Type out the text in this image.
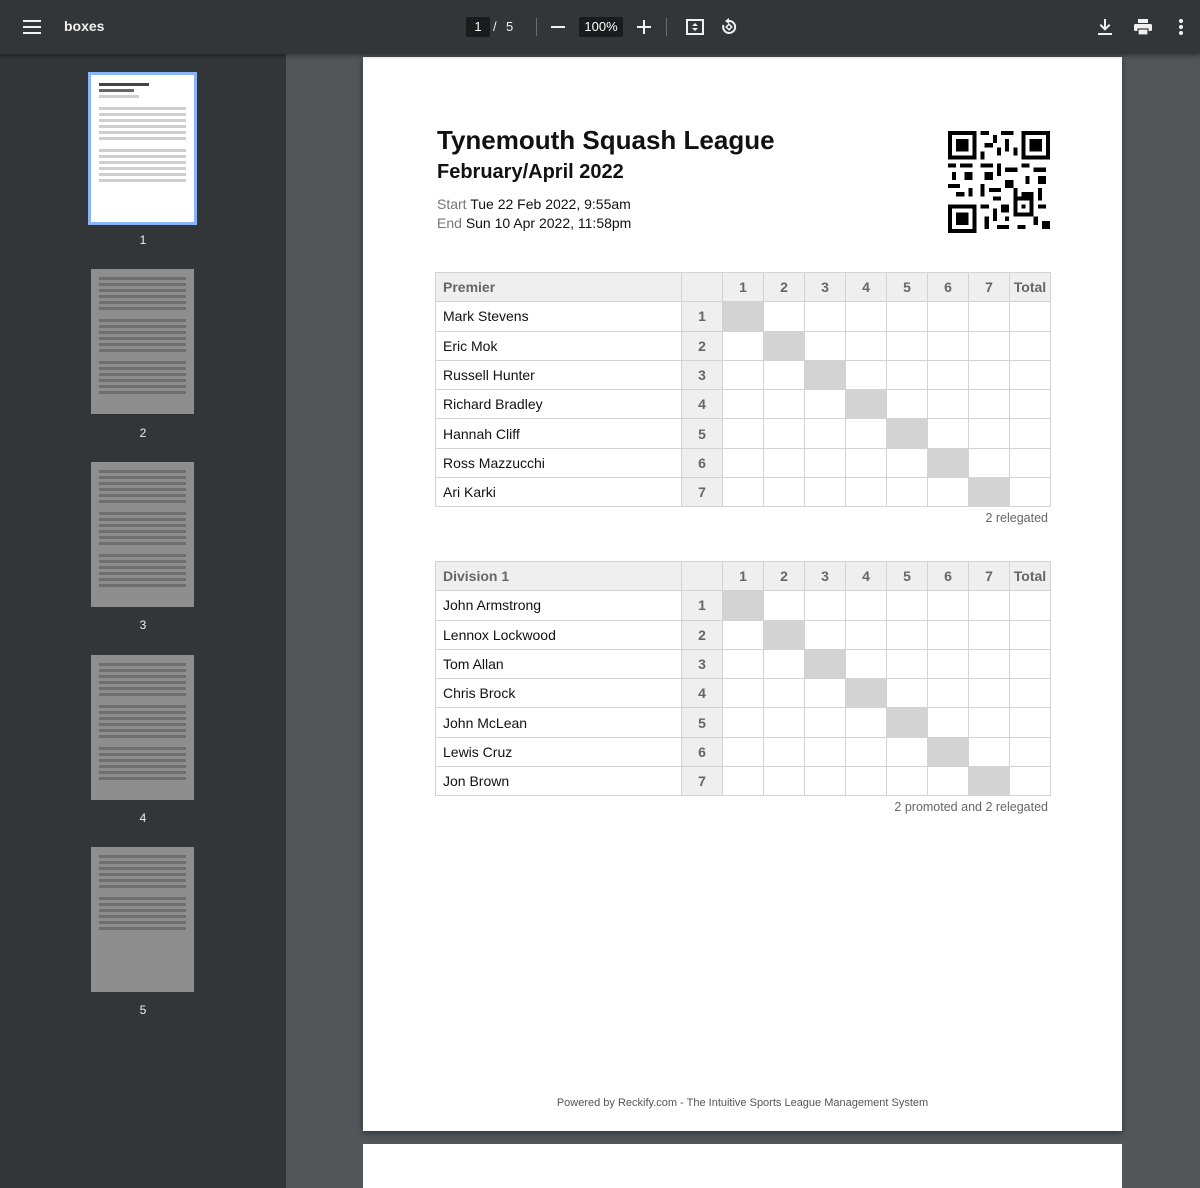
boxes	1 / 5	100%
1
2
3
4
5
Tynemouth Squash League
February/April 2022
Start Tue 22 Feb 2022, 9:55am
End Sun 10 Apr 2022, 11:58pm
Premier		1	2	3	4	5	6	7	Total
Mark Stevens	1								
Eric Mok	2								
Russell Hunter	3								
Richard Bradley	4								
Hannah Cliff	5								
Ross Mazzucchi	6								
Ari Karki	7								
2 relegated
Division 1		1	2	3	4	5	6	7	Total
John Armstrong	1								
Lennox Lockwood	2								
Tom Allan	3								
Chris Brock	4								
John McLean	5								
Lewis Cruz	6								
Jon Brown	7								
2 promoted and 2 relegated
Powered by Reckify.com - The Intuitive Sports League Management System
